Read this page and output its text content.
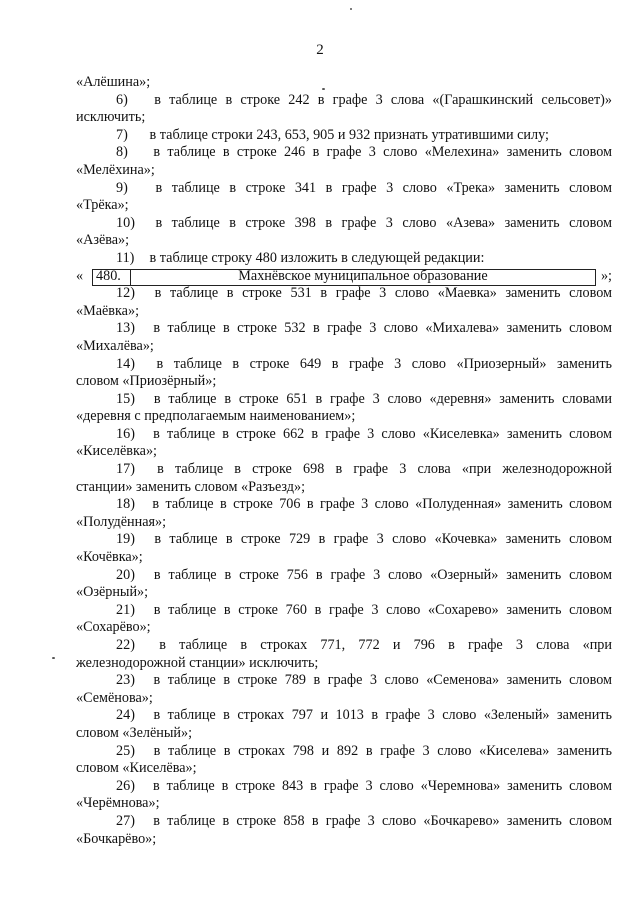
2
«Алёшина»;
6) в таблице в строке 242 в графе 3 слова «(Гарашкинский сельсовет)»
исключить;
7) в таблице строки 243, 653, 905 и 932 признать утратившими силу;
8) в таблице в строке 246 в графе 3 слово «Мелехина» заменить словом
«Мелёхина»;
9) в таблице в строке 341 в графе 3 слово «Трека» заменить словом
«Трёка»;
10) в таблице в строке 398 в графе 3 слово «Азева» заменить словом
«Азёва»;
11) в таблице строку 480 изложить в следующей редакции:
« 480.	Махнёвское муниципальное образование	»;
12) в таблице в строке 531 в графе 3 слово «Маевка» заменить словом
«Маёвка»;
13) в таблице в строке 532 в графе 3 слово «Михалева» заменить словом
«Михалёва»;
14) в таблице в строке 649 в графе 3 слово «Приозерный» заменить
словом «Приозёрный»;
15) в таблице в строке 651 в графе 3 слово «деревня» заменить словами
«деревня с предполагаемым наименованием»;
16) в таблице в строке 662 в графе 3 слово «Киселевка» заменить словом
«Киселёвка»;
17) в таблице в строке 698 в графе 3 слова «при железнодорожной
станции» заменить словом «Разъезд»;
18) в таблице в строке 706 в графе 3 слово «Полуденная» заменить словом
«Полудённая»;
19) в таблице в строке 729 в графе 3 слово «Кочевка» заменить словом
«Кочёвка»;
20) в таблице в строке 756 в графе 3 слово «Озерный» заменить словом
«Озёрный»;
21) в таблице в строке 760 в графе 3 слово «Сохарево» заменить словом
«Сохарёво»;
22) в таблице в строках 771, 772 и 796 в графе 3 слова «при
железнодорожной станции» исключить;
23) в таблице в строке 789 в графе 3 слово «Семенова» заменить словом
«Семёнова»;
24) в таблице в строках 797 и 1013 в графе 3 слово «Зеленый» заменить
словом «Зелёный»;
25) в таблице в строках 798 и 892 в графе 3 слово «Киселева» заменить
словом «Киселёва»;
26) в таблице в строке 843 в графе 3 слово «Черемнова» заменить словом
«Черёмнова»;
27) в таблице в строке 858 в графе 3 слово «Бочкарево» заменить словом
«Бочкарёво»;
